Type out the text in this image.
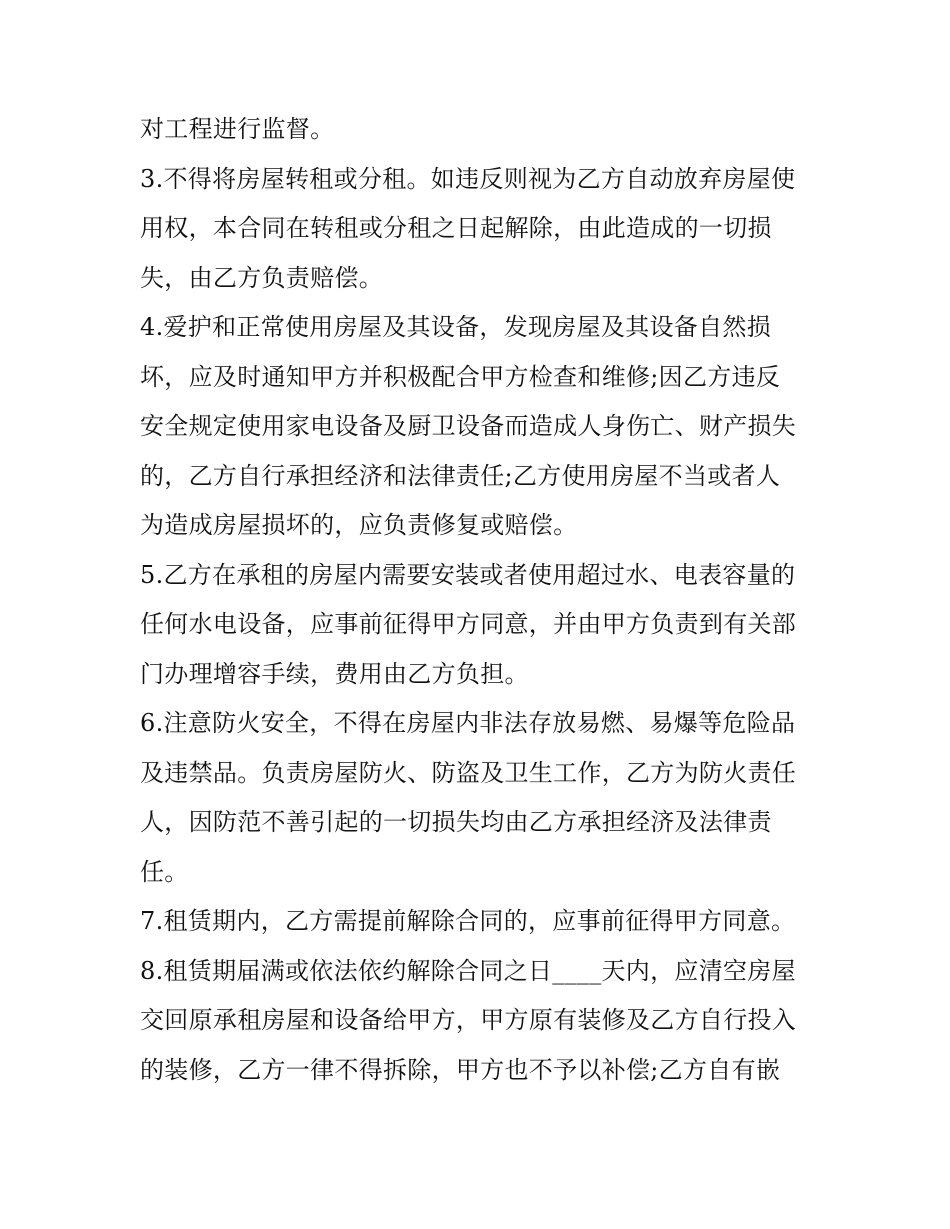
对工程进行监督。
3.不得将房屋转租或分租。如违反则视为乙方自动放弃房屋使
用权，本合同在转租或分租之日起解除，由此造成的一切损
失，由乙方负责赔偿。
4.爱护和正常使用房屋及其设备，发现房屋及其设备自然损
坏，应及时通知甲方并积极配合甲方检查和维修;因乙方违反
安全规定使用家电设备及厨卫设备而造成人身伤亡、财产损失
的，乙方自行承担经济和法律责任;乙方使用房屋不当或者人
为造成房屋损坏的，应负责修复或赔偿。
5.乙方在承租的房屋内需要安装或者使用超过水、电表容量的
任何水电设备，应事前征得甲方同意，并由甲方负责到有关部
门办理增容手续，费用由乙方负担。
6.注意防火安全，不得在房屋内非法存放易燃、易爆等危险品
及违禁品。负责房屋防火、防盗及卫生工作，乙方为防火责任
人，因防范不善引起的一切损失均由乙方承担经济及法律责
任。
7.租赁期内，乙方需提前解除合同的，应事前征得甲方同意。
8.租赁期届满或依法依约解除合同之日____天内，应清空房屋
交回原承租房屋和设备给甲方，甲方原有装修及乙方自行投入
的装修，乙方一律不得拆除，甲方也不予以补偿;乙方自有嵌
